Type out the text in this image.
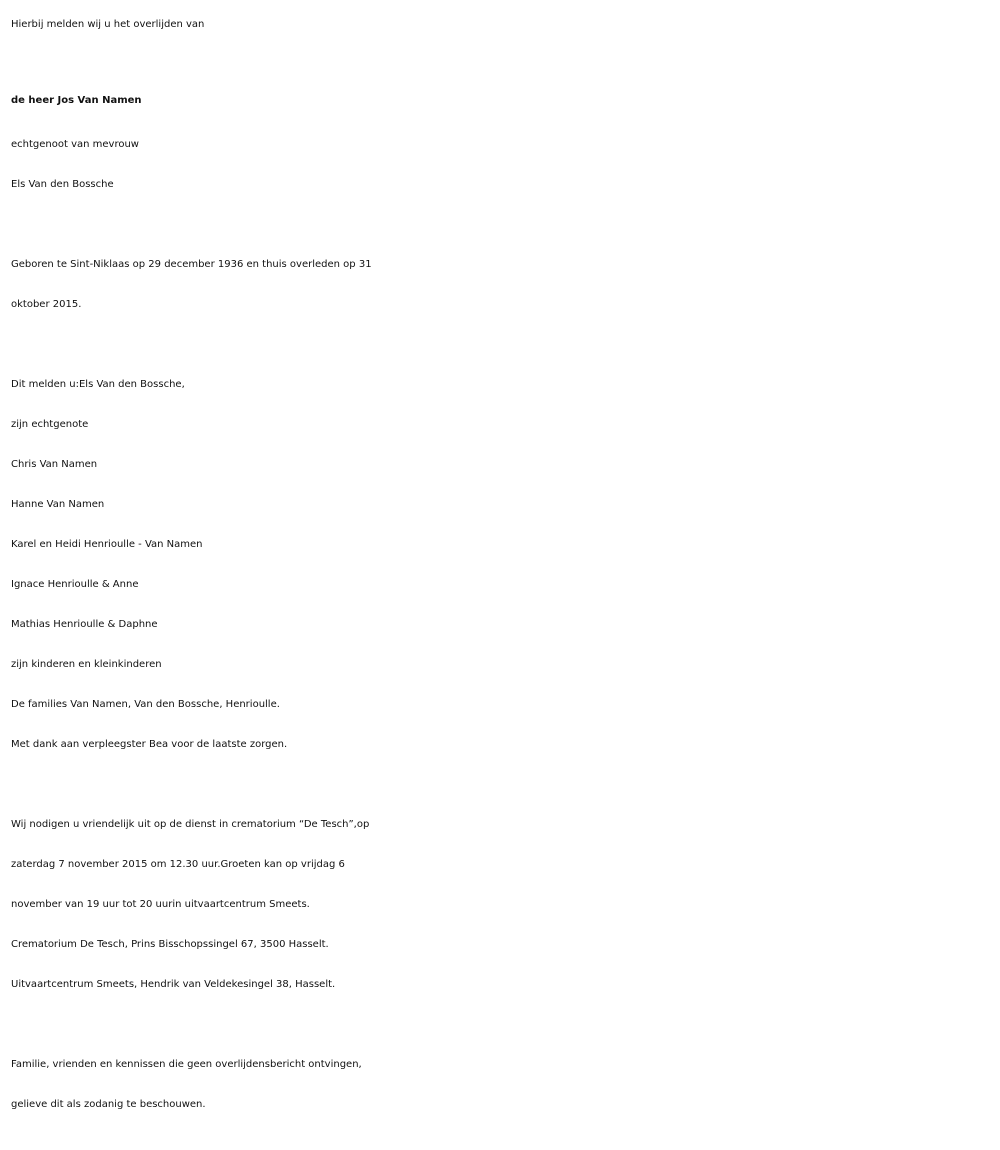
Hierbij melden wij u het overlijden van
de heer Jos Van Namen
echtgenoot van mevrouw
Els Van den Bossche
Geboren te Sint-Niklaas op 29 december 1936 en thuis overleden op 31
oktober 2015.
Dit melden u:Els Van den Bossche,
zijn echtgenote
Chris Van Namen
Hanne Van Namen
Karel en Heidi Henrioulle - Van Namen
Ignace Henrioulle & Anne
Mathias Henrioulle & Daphne
zijn kinderen en kleinkinderen
De families Van Namen, Van den Bossche, Henrioulle.
Met dank aan verpleegster Bea voor de laatste zorgen.
Wij nodigen u vriendelijk uit op de dienst in crematorium “De Tesch”,op
zaterdag 7 november 2015 om 12.30 uur.Groeten kan op vrijdag 6
november van 19 uur tot 20 uurin uitvaartcentrum Smeets.
Crematorium De Tesch, Prins Bisschopssingel 67, 3500 Hasselt.
Uitvaartcentrum Smeets, Hendrik van Veldekesingel 38, Hasselt.
Familie, vrienden en kennissen die geen overlijdensbericht ontvingen,
gelieve dit als zodanig te beschouwen.
